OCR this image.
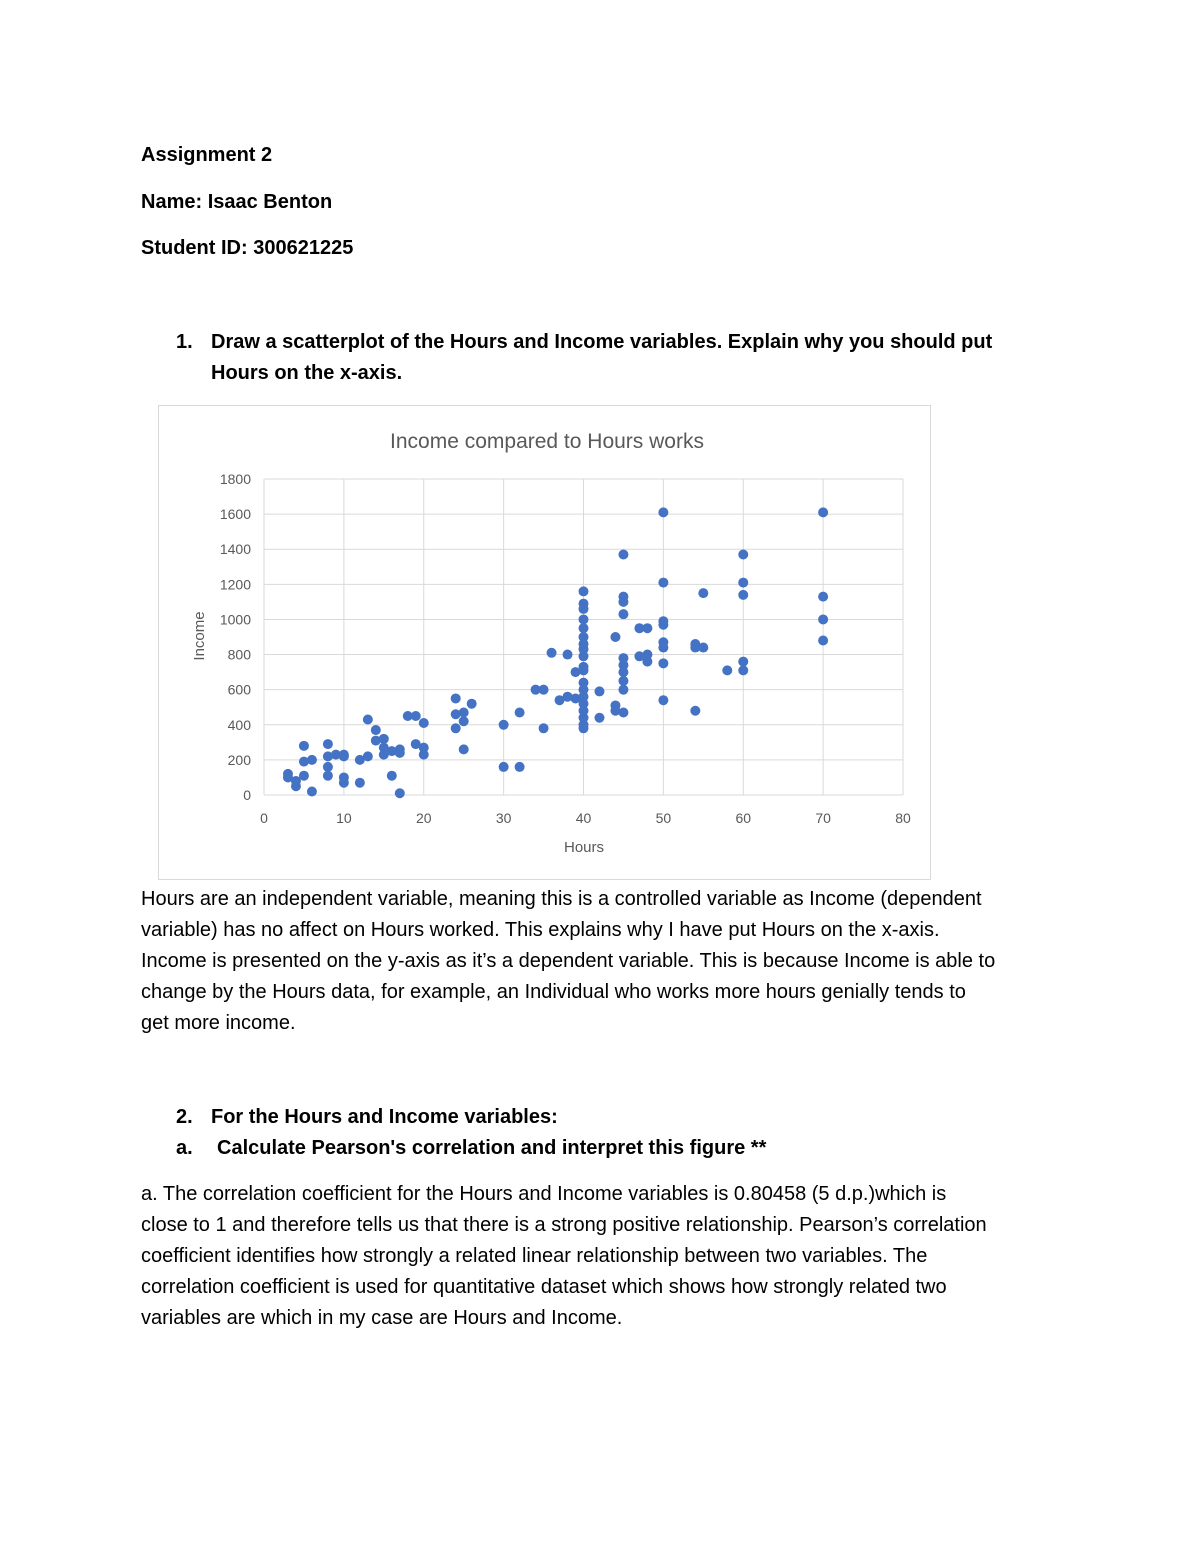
Assignment 2
Name: Isaac Benton
Student ID: 300621225
1. Draw a scatterplot of the Hours and Income variables. Explain why you should put
Hours on the x-axis.
Income compared to Hours works
0
200
400
600
800
1000
1200
1400
1600
1800
0	10	20	30	40	50	60	70	80
Hours
Income
Hours are an independent variable, meaning this is a controlled variable as Income (dependent
variable) has no affect on Hours worked. This explains why I have put Hours on the x-axis.
Income is presented on the y-axis as it’s a dependent variable. This is because Income is able to
change by the Hours data, for example, an Individual who works more hours genially tends to
get more income.
2. For the Hours and Income variables:
a. Calculate Pearson's correlation and interpret this figure **
a. The correlation coefficient for the Hours and Income variables is 0.80458 (5 d.p.)which is
close to 1 and therefore tells us that there is a strong positive relationship. Pearson’s correlation
coefficient identifies how strongly a related linear relationship between two variables. The
correlation coefficient is used for quantitative dataset which shows how strongly related two
variables are which in my case are Hours and Income.
